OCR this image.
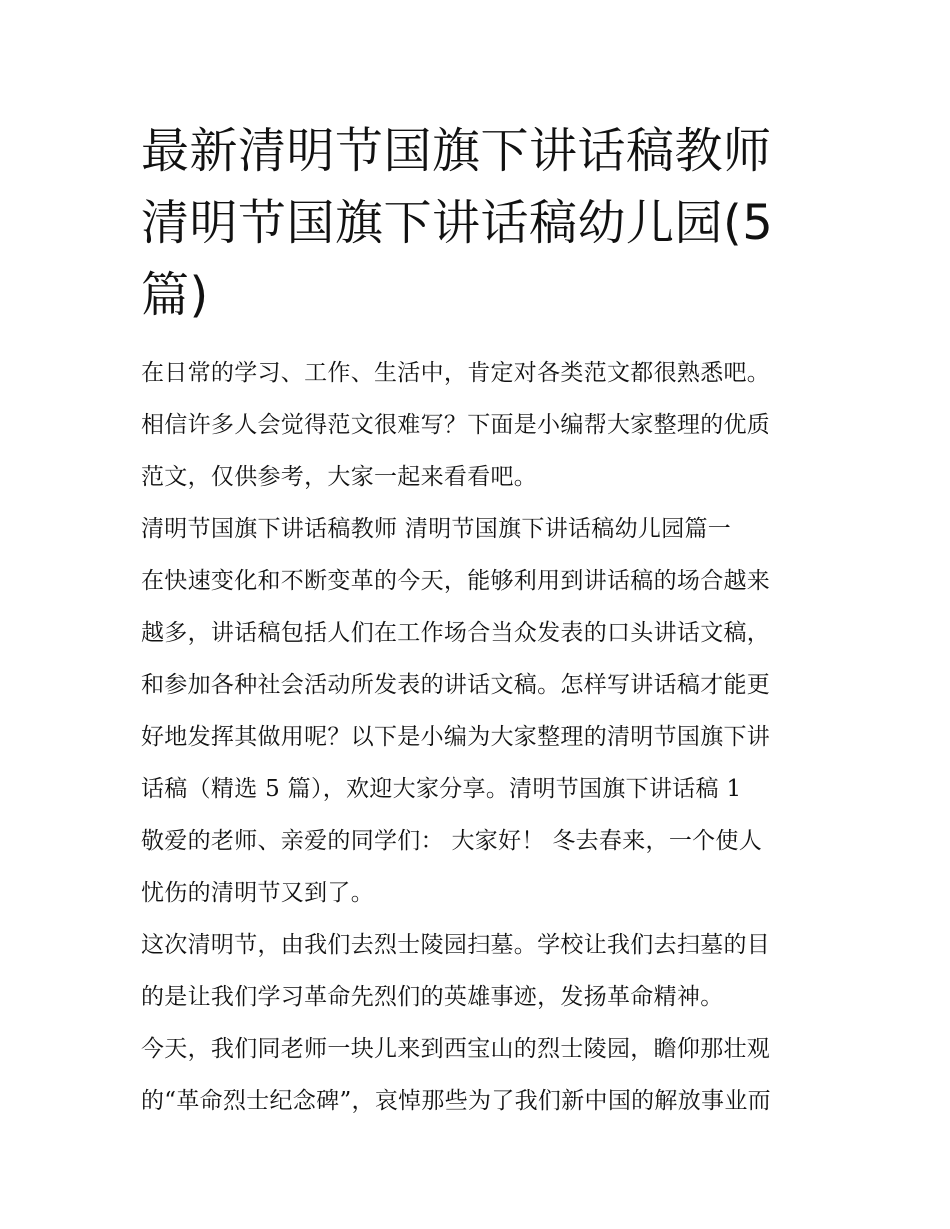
最新清明节国旗下讲话稿教师
清明节国旗下讲话稿幼儿园(5
篇)

在日常的学习、工作、生活中，肯定对各类范文都很熟悉吧。
相信许多人会觉得范文很难写？下面是小编帮大家整理的优质
范文，仅供参考，大家一起来看看吧。

清明节国旗下讲话稿教师 清明节国旗下讲话稿幼儿园篇一

在快速变化和不断变革的今天，能够利用到讲话稿的场合越来
越多，讲话稿包括人们在工作场合当众发表的口头讲话文稿，
和参加各种社会活动所发表的讲话文稿。怎样写讲话稿才能更
好地发挥其做用呢？以下是小编为大家整理的清明节国旗下讲
话稿（精选 5 篇），欢迎大家分享。清明节国旗下讲话稿 1

敬爱的老师、亲爱的同学们： 大家好！ 冬去春来，一个使人
忧伤的清明节又到了。

这次清明节，由我们去烈士陵园扫墓。学校让我们去扫墓的目
的是让我们学习革命先烈们的英雄事迹，发扬革命精神。

今天，我们同老师一块儿来到西宝山的烈士陵园，瞻仰那壮观
的“革命烈士纪念碑”，哀悼那些为了我们新中国的解放事业而
